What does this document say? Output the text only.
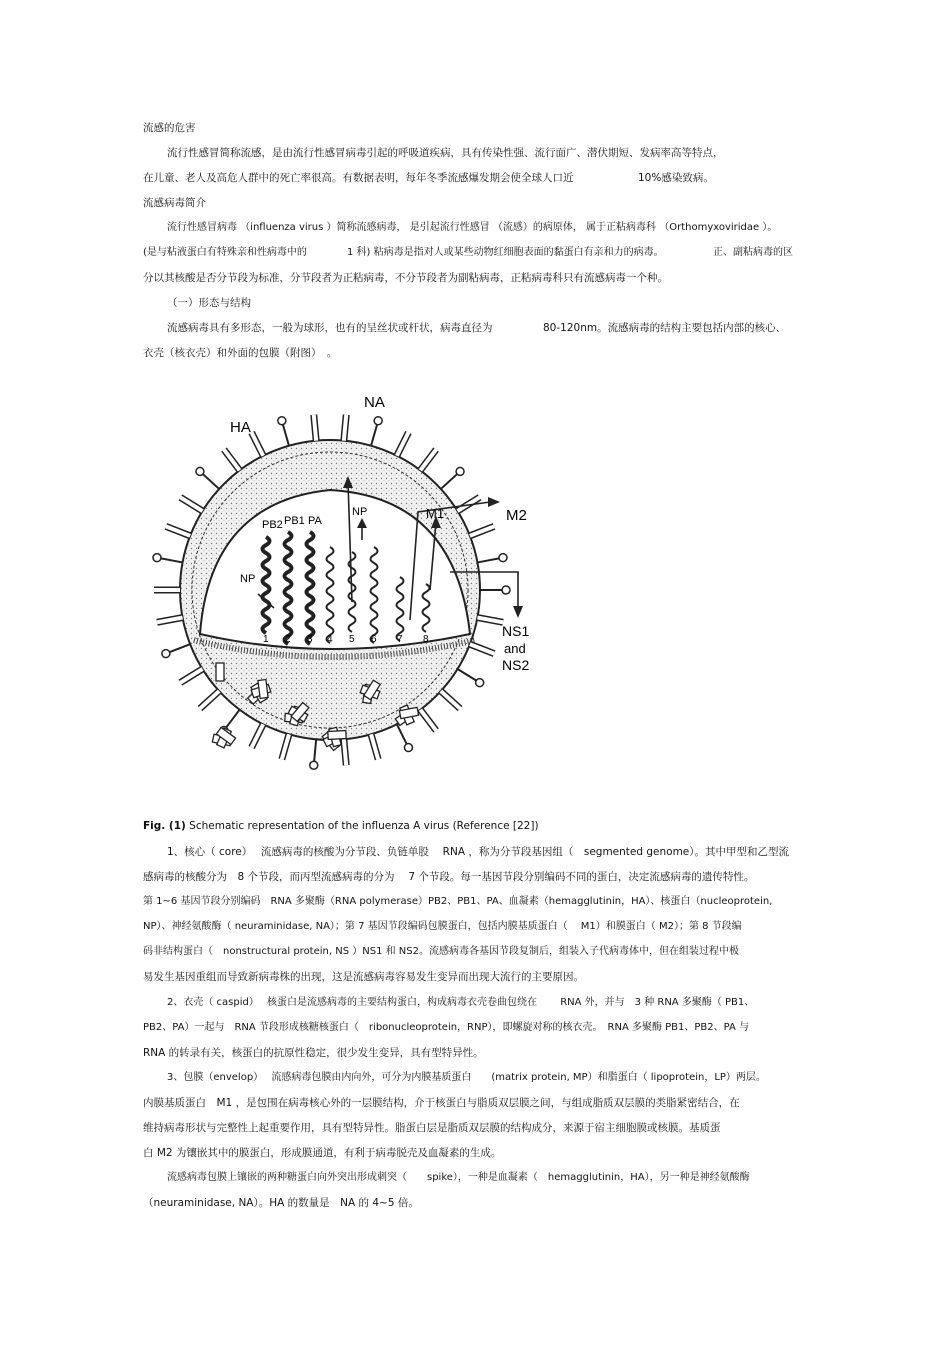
流感的危害
流行性感冒简称流感，是由流行性感冒病毒引起的呼吸道疾病，具有传染性强、流行面广、潜伏期短、发病率高等特点，
在儿童、老人及高危人群中的死亡率很高。有数据表明，每年冬季流感爆发期会使全球人口近	10%感染致病。
流感病毒简介
流行性感冒病毒 （influenza virus ）简称流感病毒， 是引起流行性感冒 （流感）的病原体， 属于正粘病毒科 （Orthomyxoviridae ）。
(是与粘液蛋白有特殊亲和性病毒中的	1 科) 粘病毒是指对人或某些动物红细胞表面的黏蛋白有亲和力的病毒。	正、副粘病毒的区
分以其核酸是否分节段为标准，分节段者为正粘病毒，不分节段者为副粘病毒，正粘病毒科只有流感病毒一个种。
（一）形态与结构
流感病毒具有多形态，一般为球形，也有的呈丝状或杆状，病毒直径为	80-120nm。流感病毒的结构主要包括内部的核心、
衣壳（核衣壳）和外面的包膜（附图）　。
1 2 3 4 5 6 7 8
HA
NA
M1	M2
NP
NP
PB2 PB1 PA
NS1
and
NS2
Fig. (1) Schematic representation of the influenza A virus (Reference [22])
1、核心（ core）　 流感病毒的核酸为分节段、负链单股　 RNA ，称为分节段基因组（　segmented genome）。其中甲型和乙型流
感病毒的核酸分为　8 个节段，而丙型流感病毒的分为　 7 个节段。每一基因节段分别编码不同的蛋白，决定流感病毒的遗传特性。
第 1~6 基因节段分别编码　RNA 多聚酶（RNA polymerase）PB2、PB1、PA、血凝素（hemagglutinin，HA）、核蛋白（nucleoprotein,
NP）、神经氨酸酶（ neuraminidase, NA）；第 7 基因节段编码包膜蛋白，包括内膜基质蛋白（　 M1）和膜蛋白（ M2）；第 8 节段编
码非结构蛋白（　nonstructural protein, NS ）NS1 和 NS2。流感病毒各基因节段复制后，组装入子代病毒体中，但在组装过程中极
易发生基因重组而导致新病毒株的出现，这是流感病毒容易发生变异而出现大流行的主要原因。
2、衣壳（ caspid）　 核蛋白是流感病毒的主要结构蛋白，构成病毒衣壳卷曲包绕在　　 RNA 外，并与　3 种 RNA 多聚酶（ PB1、
PB2、PA）一起与　RNA 节段形成核糖核蛋白（　ribonucleoprotein，RNP），即螺旋对称的核衣壳。　RNA 多聚酶 PB1、PB2、PA 与
RNA 的转录有关，核蛋白的抗原性稳定，很少发生变异，具有型特异性。
3、包膜（envelop）　 流感病毒包膜由内向外，可分为内膜基质蛋白　　(matrix protein, MP）和脂蛋白（ lipoprotein，LP）两层。
内膜基质蛋白　M1 ，是包围在病毒核心外的一层膜结构，介于核蛋白与脂质双层膜之间，与组成脂质双层膜的类脂紧密结合，在
维持病毒形状与完整性上起重要作用，具有型特异性。脂蛋白层是脂质双层膜的结构成分，来源于宿主细胞膜或核膜。基质蛋
白 M2 为镶嵌其中的膜蛋白，形成膜通道，有利于病毒脱壳及血凝素的生成。
流感病毒包膜上镶嵌的两种糖蛋白向外突出形成刺突（　　spike），一种是血凝素（　hemagglutinin，HA），另一种是神经氨酸酶
（neuraminidase, NA）。HA 的数量是　NA 的 4~5 倍。
